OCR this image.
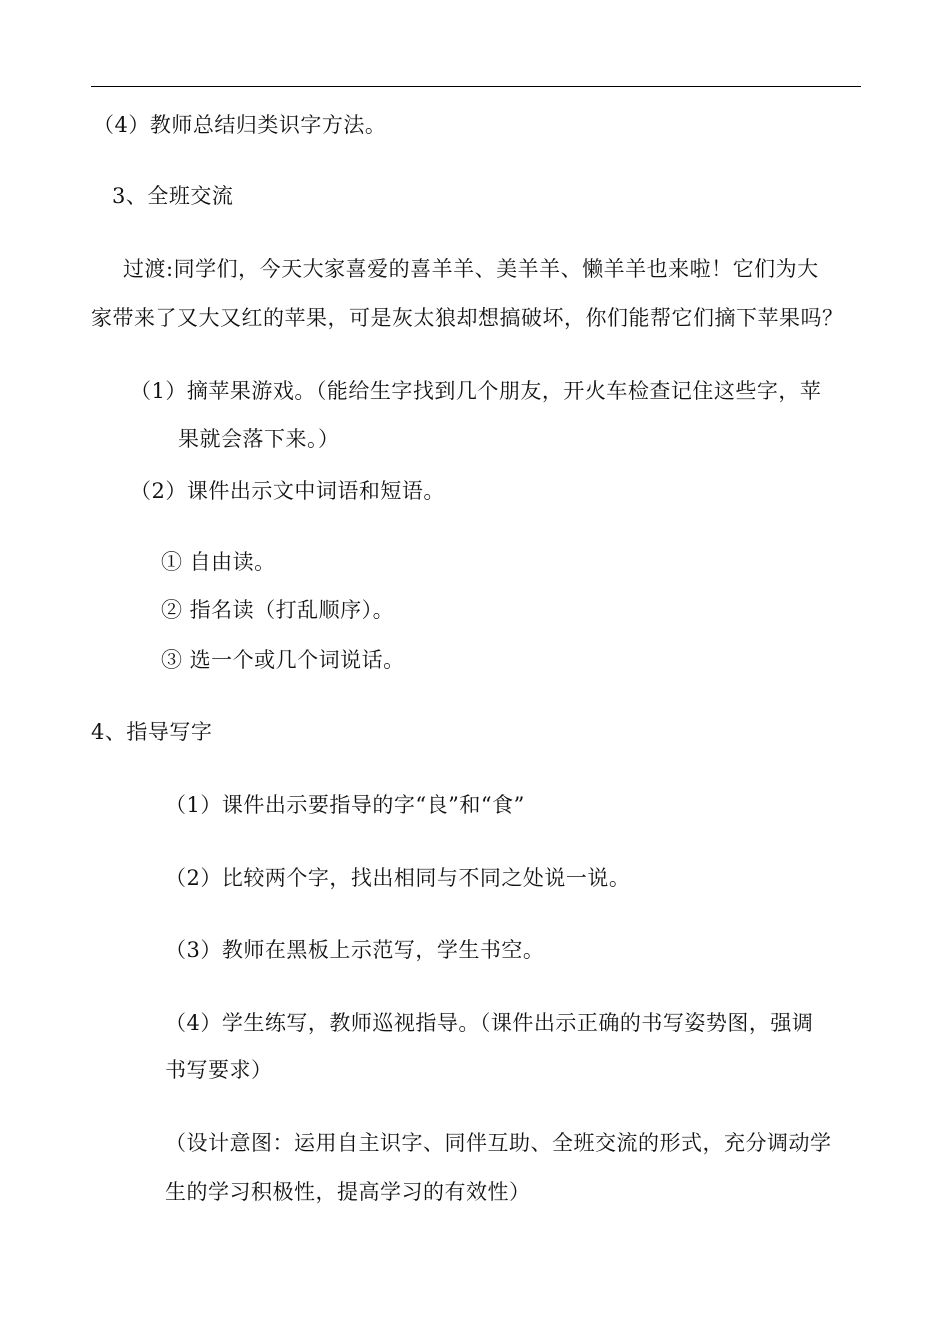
（4）教师总结归类识字方法。
3、全班交流
过渡:同学们，今天大家喜爱的喜羊羊、美羊羊、懒羊羊也来啦！它们为大
家带来了又大又红的苹果，可是灰太狼却想搞破坏，你们能帮它们摘下苹果吗？
（1）摘苹果游戏。（能给生字找到几个朋友，开火车检查记住这些字，苹
果就会落下来。）
（2）课件出示文中词语和短语。
① 自由读。
② 指名读（打乱顺序）。
③ 选一个或几个词说话。
4、指导写字
（1）课件出示要指导的字“良”和“食”
（2）比较两个字，找出相同与不同之处说一说。
（3）教师在黑板上示范写，学生书空。
（4）学生练写，教师巡视指导。（课件出示正确的书写姿势图，强调
书写要求）
（设计意图：运用自主识字、同伴互助、全班交流的形式，充分调动学
生的学习积极性，提高学习的有效性）
